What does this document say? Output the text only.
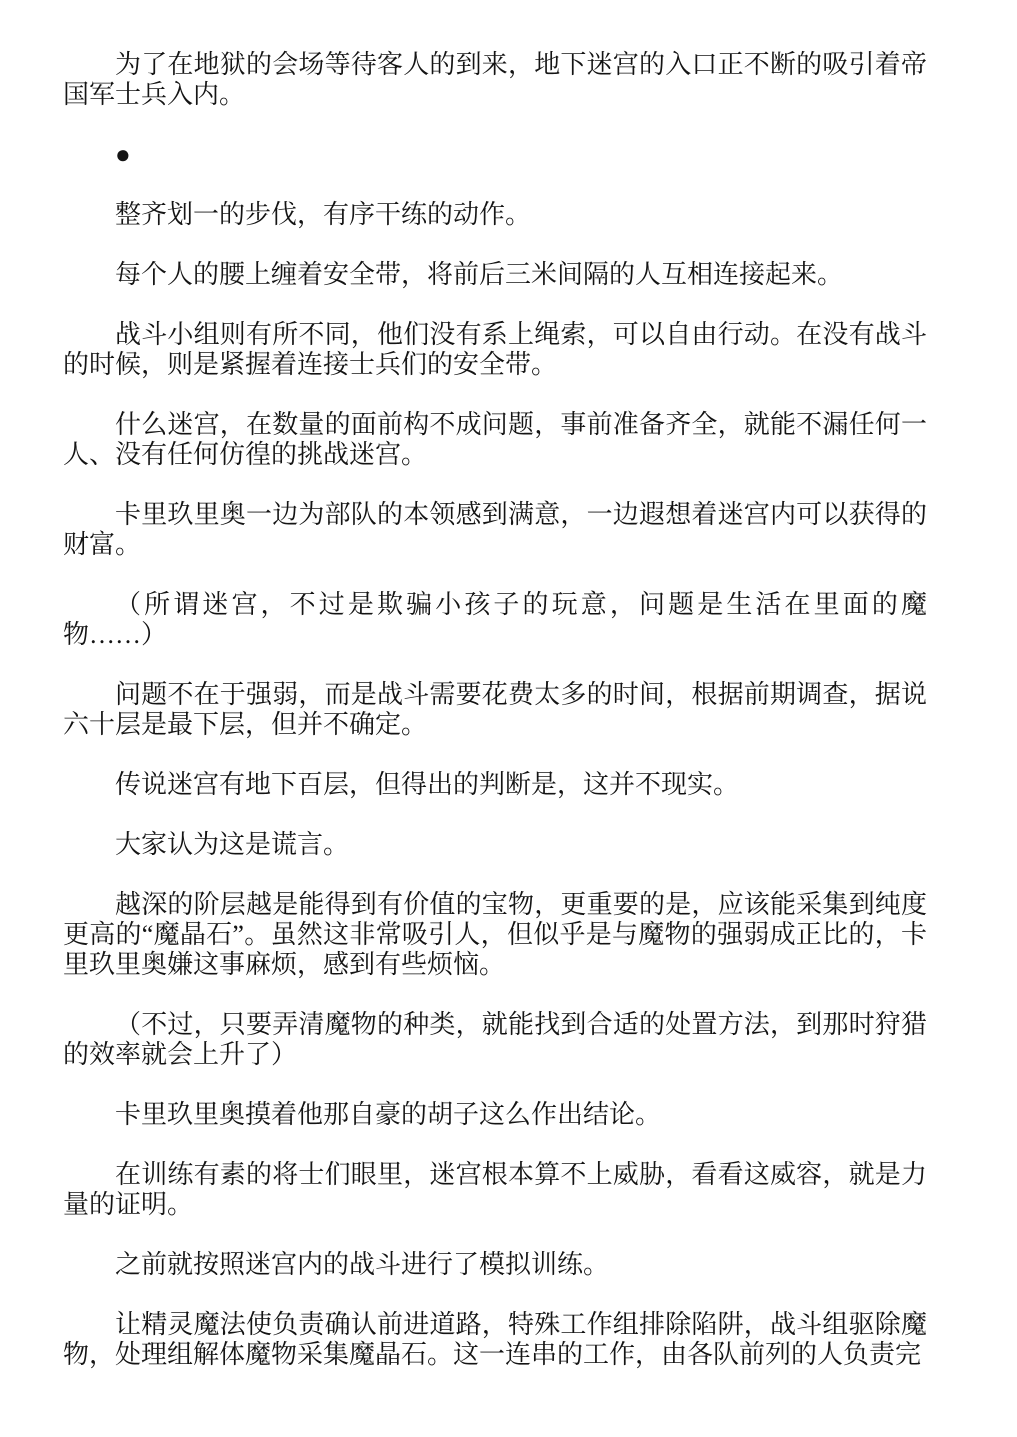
为了在地狱的会场等待客人的到来，地下迷宫的入口正不断的吸引着帝国军士兵入内。

●

整齐划一的步伐，有序干练的动作。

每个人的腰上缠着安全带，将前后三米间隔的人互相连接起来。

战斗小组则有所不同，他们没有系上绳索，可以自由行动。在没有战斗的时候，则是紧握着连接士兵们的安全带。

什么迷宫，在数量的面前构不成问题，事前准备齐全，就能不漏任何一人、没有任何仿徨的挑战迷宫。

卡里玖里奥一边为部队的本领感到满意，一边遐想着迷宫内可以获得的财富。

（所谓迷宫，不过是欺骗小孩子的玩意，问题是生活在里面的魔物……）

问题不在于强弱，而是战斗需要花费太多的时间，根据前期调查，据说六十层是最下层，但并不确定。

传说迷宫有地下百层，但得出的判断是，这并不现实。

大家认为这是谎言。

越深的阶层越是能得到有价值的宝物，更重要的是，应该能采集到纯度更高的“魔晶石”。虽然这非常吸引人，但似乎是与魔物的强弱成正比的，卡里玖里奥嫌这事麻烦，感到有些烦恼。

（不过，只要弄清魔物的种类，就能找到合适的处置方法，到那时狩猎的效率就会上升了）

卡里玖里奥摸着他那自豪的胡子这么作出结论。

在训练有素的将士们眼里，迷宫根本算不上威胁，看看这威容，就是力量的证明。

之前就按照迷宫内的战斗进行了模拟训练。

让精灵魔法使负责确认前进道路，特殊工作组排除陷阱，战斗组驱除魔物，处理组解体魔物采集魔晶石。这一连串的工作，由各队前列的人负责完
